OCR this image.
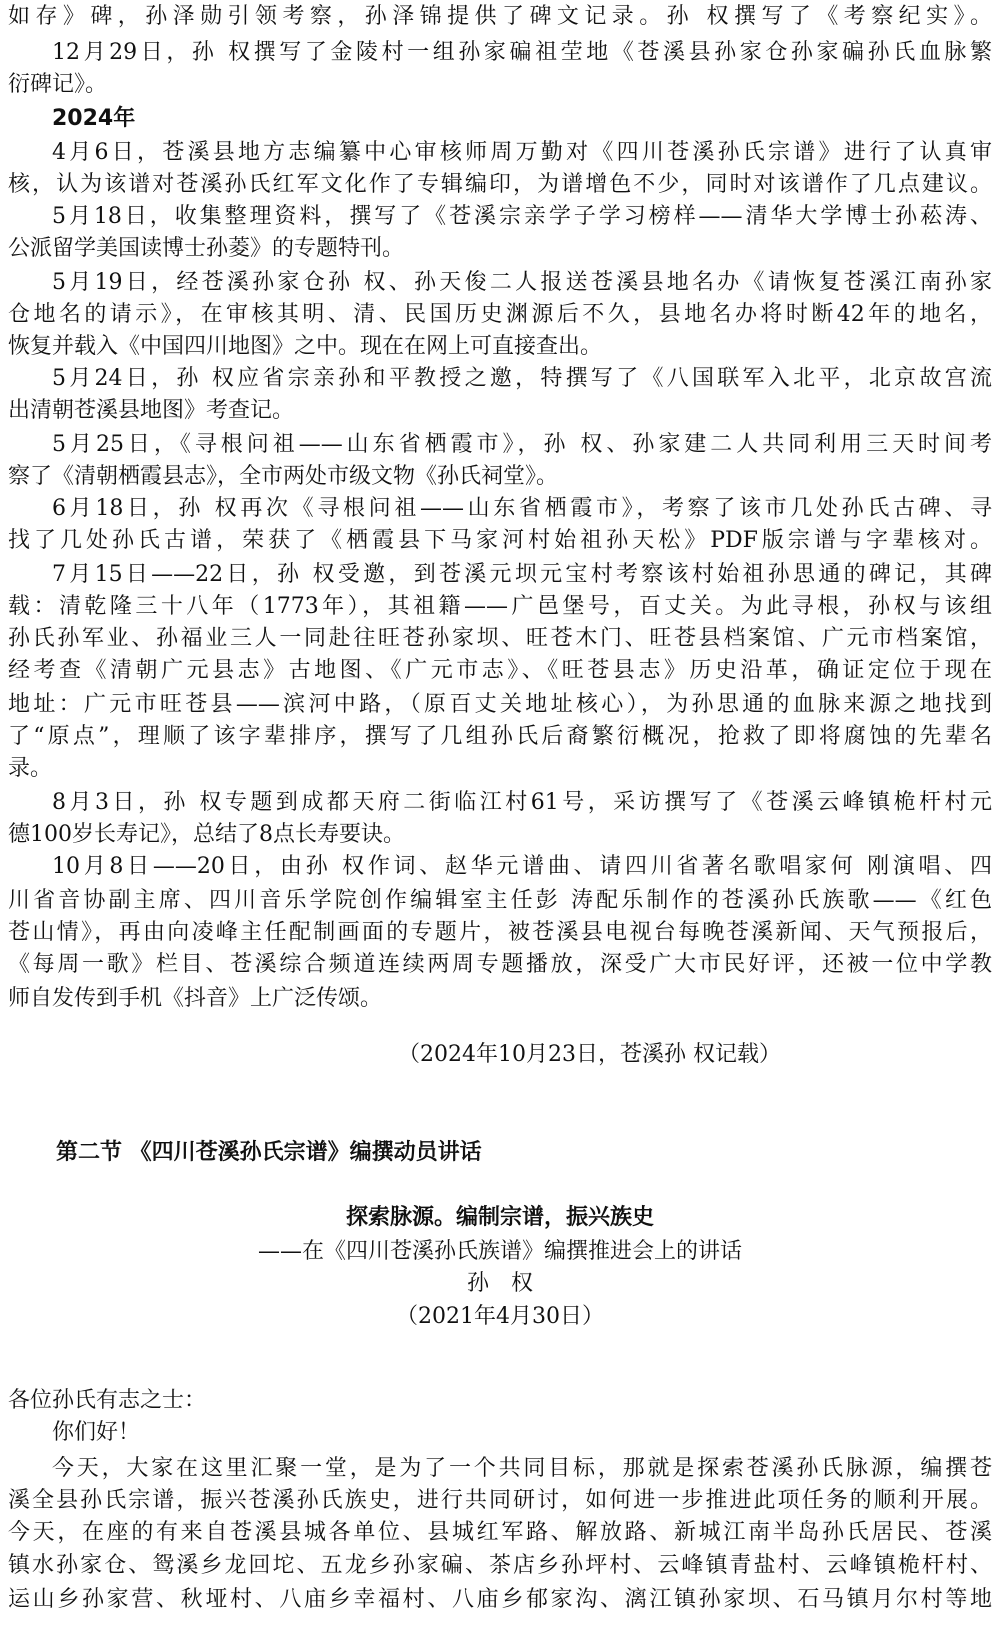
如存》碑，孙泽勋引领考察，孙泽锦提供了碑文记录。孙 权撰写了《考察纪实》。
12月29日，孙 权撰写了金陵村一组孙家碥祖茔地《苍溪县孙家仓孙家碥孙氏血脉繁
衍碑记》。
2024年
4月6日，苍溪县地方志编纂中心审核师周万勤对《四川苍溪孙氏宗谱》进行了认真审
核，认为该谱对苍溪孙氏红军文化作了专辑编印，为谱增色不少，同时对该谱作了几点建议。
5月18日，收集整理资料，撰写了《苍溪宗亲学子学习榜样——清华大学博士孙菘涛、
公派留学美国读博士孙菱》的专题特刊。
5月19日，经苍溪孙家仓孙 权、孙天俊二人报送苍溪县地名办《请恢复苍溪江南孙家
仓地名的请示》，在审核其明、清、民国历史渊源后不久，县地名办将时断42年的地名，
恢复并载入《中国四川地图》之中。现在在网上可直接查出。
5月24日，孙 权应省宗亲孙和平教授之邀，特撰写了《八国联军入北平，北京故宫流
出清朝苍溪县地图》考查记。
5月25日，《寻根问祖——山东省栖霞市》，孙 权、孙家建二人共同利用三天时间考
察了《清朝栖霞县志》，全市两处市级文物《孙氏祠堂》。
6月18日，孙 权再次《寻根问祖——山东省栖霞市》，考察了该市几处孙氏古碑、寻
找了几处孙氏古谱，荣获了《栖霞县下马家河村始祖孙天松》PDF版宗谱与字辈核对。
7月15日——22日，孙 权受邀，到苍溪元坝元宝村考察该村始祖孙思通的碑记，其碑
载：清乾隆三十八年（1773年），其祖籍——广邑堡号，百丈关。为此寻根，孙权与该组
孙氏孙军业、孙福业三人一同赴往旺苍孙家坝、旺苍木门、旺苍县档案馆、广元市档案馆，
经考查《清朝广元县志》古地图、《广元市志》、《旺苍县志》历史沿革，确证定位于现在
地址：广元市旺苍县——滨河中路，（原百丈关地址核心），为孙思通的血脉来源之地找到
了“原点”，理顺了该字辈排序，撰写了几组孙氏后裔繁衍概况，抢救了即将腐蚀的先辈名
录。
8月3日，孙 权专题到成都天府二街临江村61号，采访撰写了《苍溪云峰镇桅杆村元
德100岁长寿记》，总结了8点长寿要诀。
10月8日——20日，由孙 权作词、赵华元谱曲、请四川省著名歌唱家何 刚演唱、四
川省音协副主席、四川音乐学院创作编辑室主任彭 涛配乐制作的苍溪孙氏族歌——《红色
苍山情》，再由向凌峰主任配制画面的专题片，被苍溪县电视台每晚苍溪新闻、天气预报后，
《每周一歌》栏目、苍溪综合频道连续两周专题播放，深受广大市民好评，还被一位中学教
师自发传到手机《抖音》上广泛传颂。
（2024年10月23日，苍溪孙 权记载）
第二节 《四川苍溪孙氏宗谱》编撰动员讲话
探索脉源。编制宗谱，振兴族史
——在《四川苍溪孙氏族谱》编撰推进会上的讲话
孙　权
（2021年4月30日）
各位孙氏有志之士：
你们好！
今天，大家在这里汇聚一堂，是为了一个共同目标，那就是探索苍溪孙氏脉源，编撰苍
溪全县孙氏宗谱，振兴苍溪孙氏族史，进行共同研讨，如何进一步推进此项任务的顺利开展。
今天，在座的有来自苍溪县城各单位、县城红军路、解放路、新城江南半岛孙氏居民、苍溪
镇水孙家仓、鸳溪乡龙回坨、五龙乡孙家碥、茶店乡孙坪村、云峰镇青盐村、云峰镇桅杆村、
运山乡孙家营、秋垭村、八庙乡幸福村、八庙乡郁家沟、漓江镇孙家坝、石马镇月尔村等地
